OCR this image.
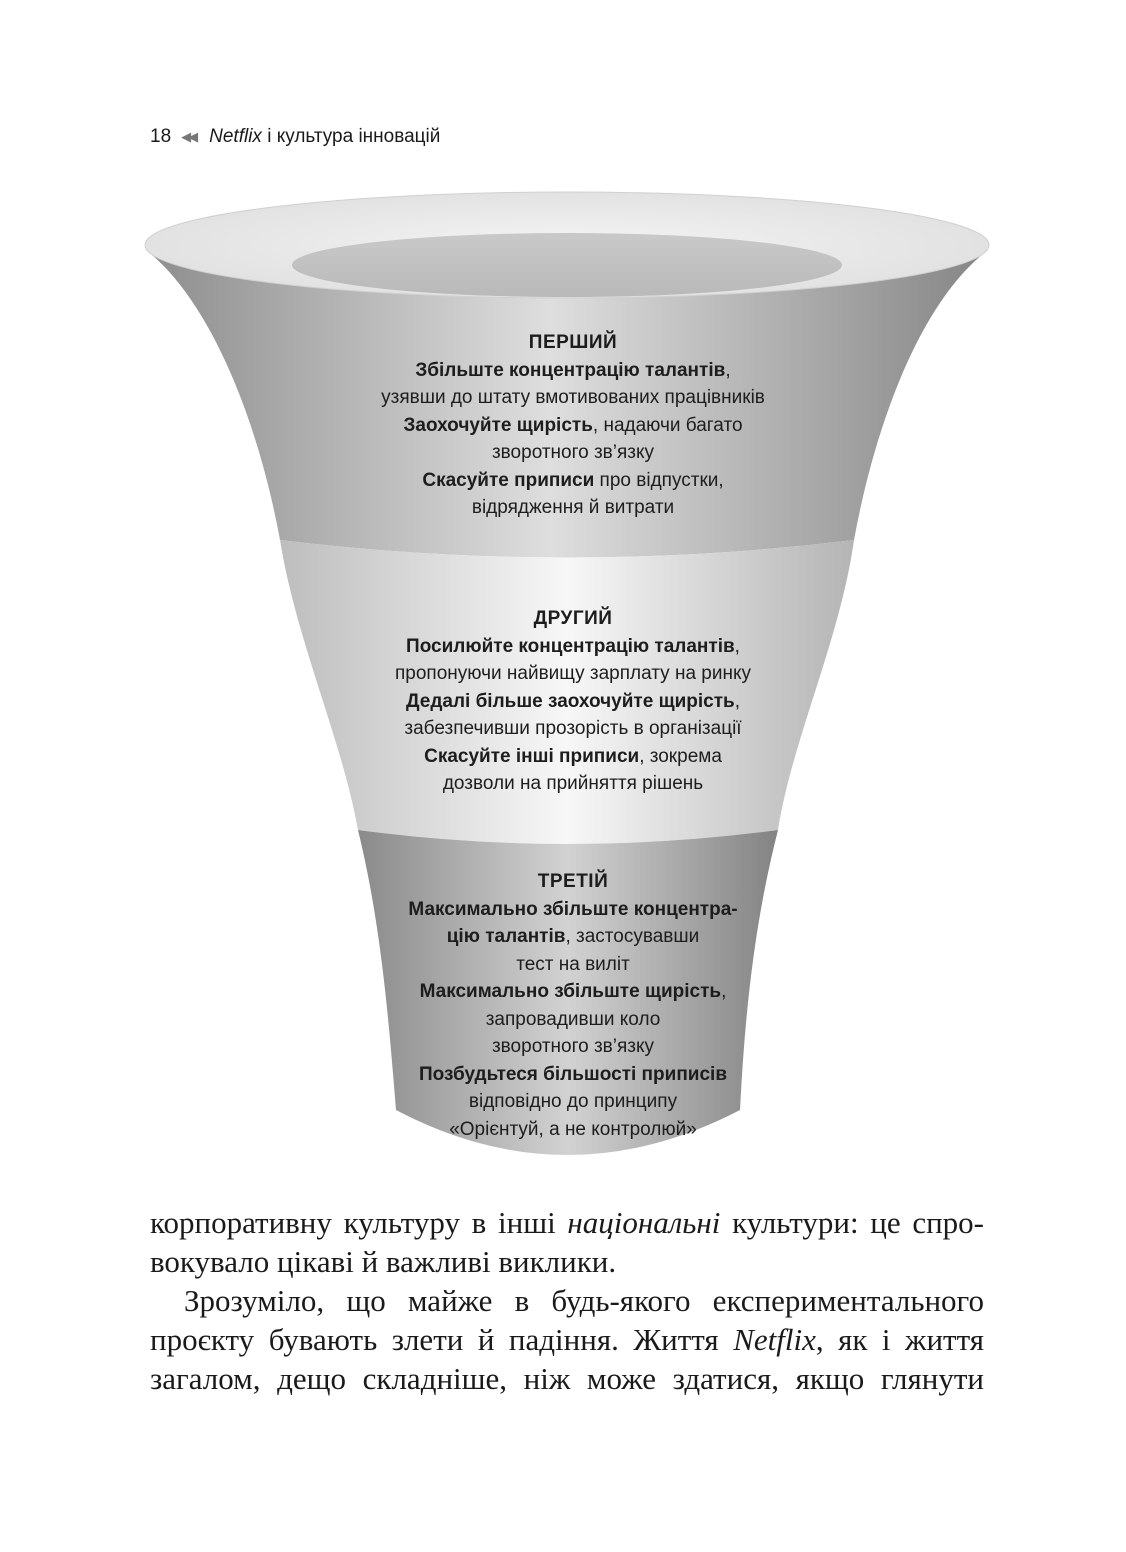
18 ◀◀ Netflix і культура інновацій
ПЕРШИЙ
Збільште концентрацію талантів,
узявши до штату вмотивованих працівників
Заохочуйте щирість, надаючи багато
зворотного зв’язку
Скасуйте приписи про відпустки,
відрядження й витрати
ДРУГИЙ
Посилюйте концентрацію талантів,
пропонуючи найвищу зарплату на ринку
Дедалі більше заохочуйте щирість,
забезпечивши прозорість в організації
Скасуйте інші приписи, зокрема
дозволи на прийняття рішень
ТРЕТІЙ
Максимально збільште концентра-
цію талантів, застосувавши
тест на виліт
Максимально збільште щирість,
запровадивши коло
зворотного зв’язку
Позбудьтеся більшості приписів
відповідно до принципу
«Орієнтуй, а не контролюй»
корпоративну культуру в інші національні культури: це спро-
вокувало цікаві й важливі виклики.
Зрозуміло, що майже в будь-якого експериментального
проєкту бувають злети й падіння. Життя Netflix, як і життя
загалом, дещо складніше, ніж може здатися, якщо глянути
